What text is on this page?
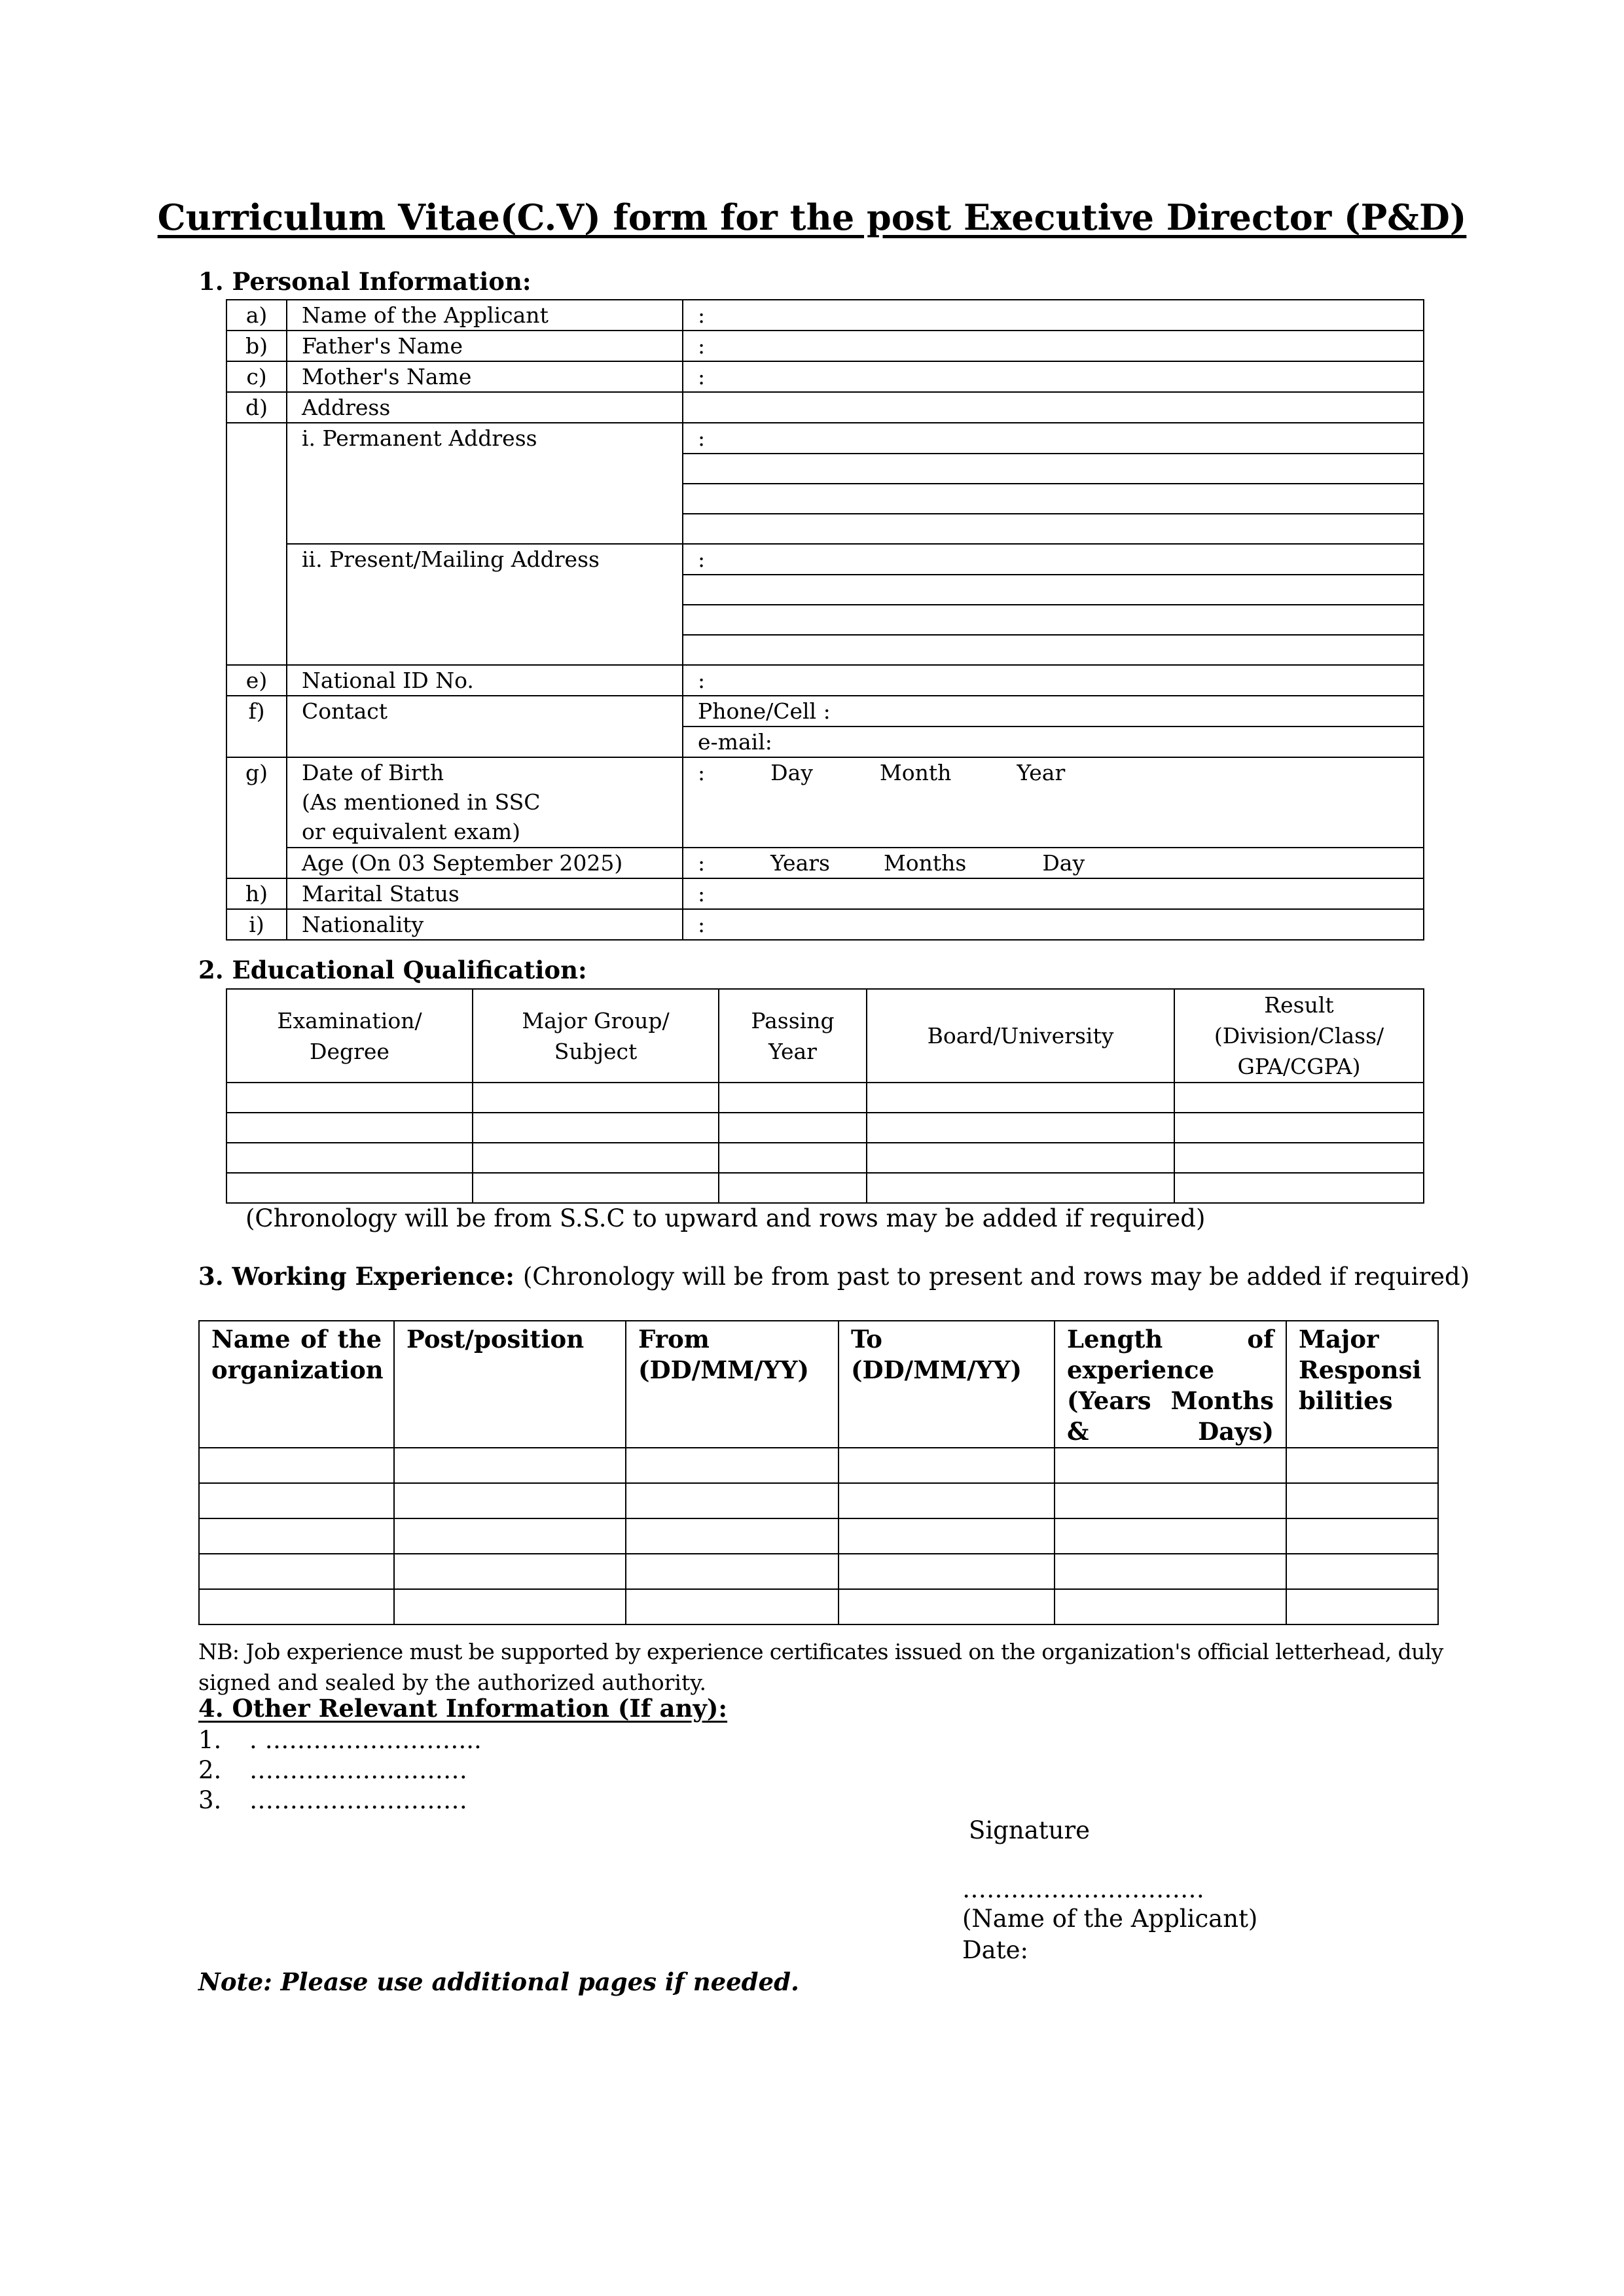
Curriculum Vitae(C.V) form for the post Executive Director (P&D)
1. Personal Information:
a)	Name of the Applicant	:
b)	Father's Name	:
c)	Mother's Name	:
d)	Address	
	i. Permanent Address	:

	ii. Present/Mailing Address	:

e)	National ID No.	:
f)	Contact	Phone/Cell :
		e-mail:
g)	Date of Birth
(As mentioned in SSC
or equivalent exam)	: Day Month Year
	Age (On 03 September 2025)	: Years Months Day
h)	Marital Status	:
i)	Nationality	:
2. Educational Qualification:
Examination/ Degree	Major Group/ Subject	Passing Year	Board/University	Result (Division/Class/ GPA/CGPA)

(Chronology will be from S.S.C to upward and rows may be added if required)
3. Working Experience: (Chronology will be from past to present and rows may be added if required)
Name of the organization	Post/position	From (DD/MM/YY)	To (DD/MM/YY)	Length of experience (Years Months & Days)	Major Responsi bilities

NB: Job experience must be supported by experience certificates issued on the organization's official letterhead, duly
signed and sealed by the authorized authority.
4. Other Relevant Information (If any):
1. . ……………………...
2. ………………………
3. ………………………
Signature
…………………………
(Name of the Applicant)
Date:
Note: Please use additional pages if needed.
